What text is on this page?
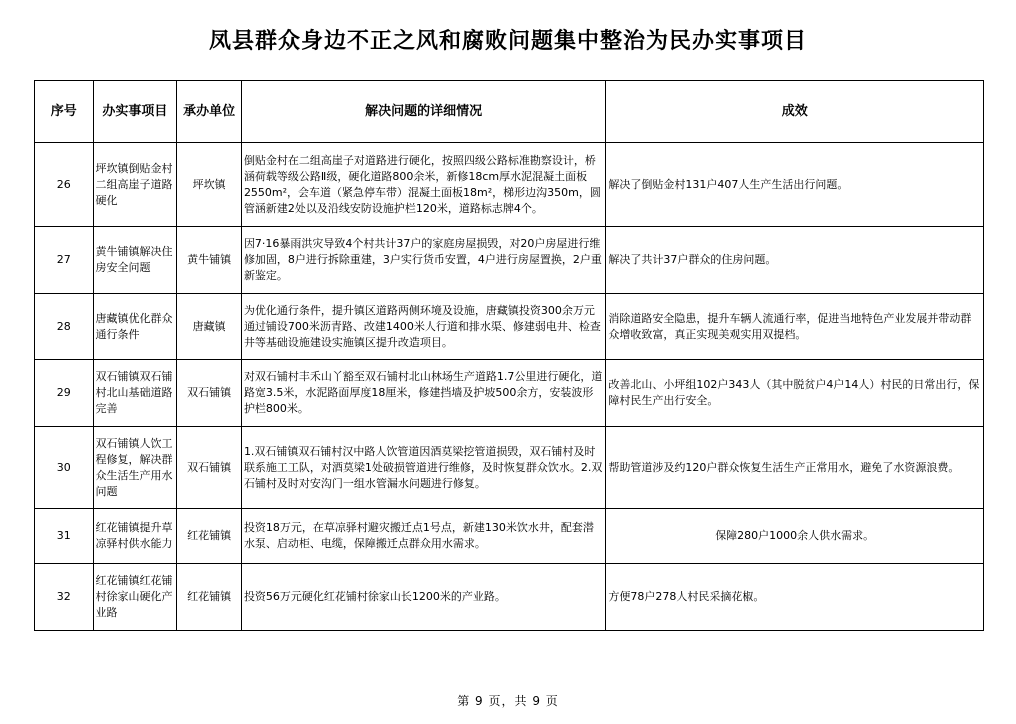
凤县群众身边不正之风和腐败问题集中整治为民办实事项目
序号	办实事项目	承办单位	解决问题的详细情况	成效
26	坪坎镇倒贴金村二组高崖子道路硬化	坪坎镇	倒贴金村在二组高崖子对道路进行硬化，按照四级公路标准勘察设计，桥涵荷载等级公路Ⅱ级，硬化道路800余米，新修18cm厚水泥混凝土面板2550m²，会车道（紧急停车带）混凝土面板18m²，梯形边沟350m，圆管涵新建2处以及沿线安防设施护栏120米，道路标志牌4个。	解决了倒贴金村131户407人生产生活出行问题。
27	黄牛铺镇解决住房安全问题	黄牛铺镇	因7·16暴雨洪灾导致4个村共计37户的家庭房屋损毁，对20户房屋进行维修加固，8户进行拆除重建，3户实行货币安置，4户进行房屋置换，2户重新鉴定。	解决了共计37户群众的住房问题。
28	唐藏镇优化群众通行条件	唐藏镇	为优化通行条件，提升镇区道路两侧环境及设施，唐藏镇投资300余万元通过铺设700米沥青路、改建1400米人行道和排水渠、修建弱电井、检查井等基础设施建设实施镇区提升改造项目。	消除道路安全隐患，提升车辆人流通行率，促进当地特色产业发展并带动群众增收致富，真正实现美观实用双提档。
29	双石铺镇双石铺村北山基础道路完善	双石铺镇	对双石铺村丰禾山丫豁至双石铺村北山林场生产道路1.7公里进行硬化，道路宽3.5米，水泥路面厚度18厘米，修建挡墙及护坡500余方，安装波形护栏800米。	改善北山、小坪组102户343人（其中脱贫户4户14人）村民的日常出行，保障村民生产出行安全。
30	双石铺镇人饮工程修复，解决群众生活生产用水问题	双石铺镇	1.双石铺镇双石铺村汉中路人饮管道因酒莫梁挖管道损毁，双石铺村及时联系施工工队，对酒莫梁1处破损管道进行维修，及时恢复群众饮水。2.双石铺村及时对安沟门一组水管漏水问题进行修复。	帮助管道涉及约120户群众恢复生活生产正常用水，避免了水资源浪费。
31	红花铺镇提升草凉驿村供水能力	红花铺镇	投资18万元，在草凉驿村避灾搬迁点1号点，新建130米饮水井，配套潜水泵、启动柜、电缆，保障搬迁点群众用水需求。	保障280户1000余人供水需求。
32	红花铺镇红花铺村徐家山硬化产业路	红花铺镇	投资56万元硬化红花铺村徐家山长1200米的产业路。	方便78户278人村民采摘花椒。
第 9 页，共 9 页
